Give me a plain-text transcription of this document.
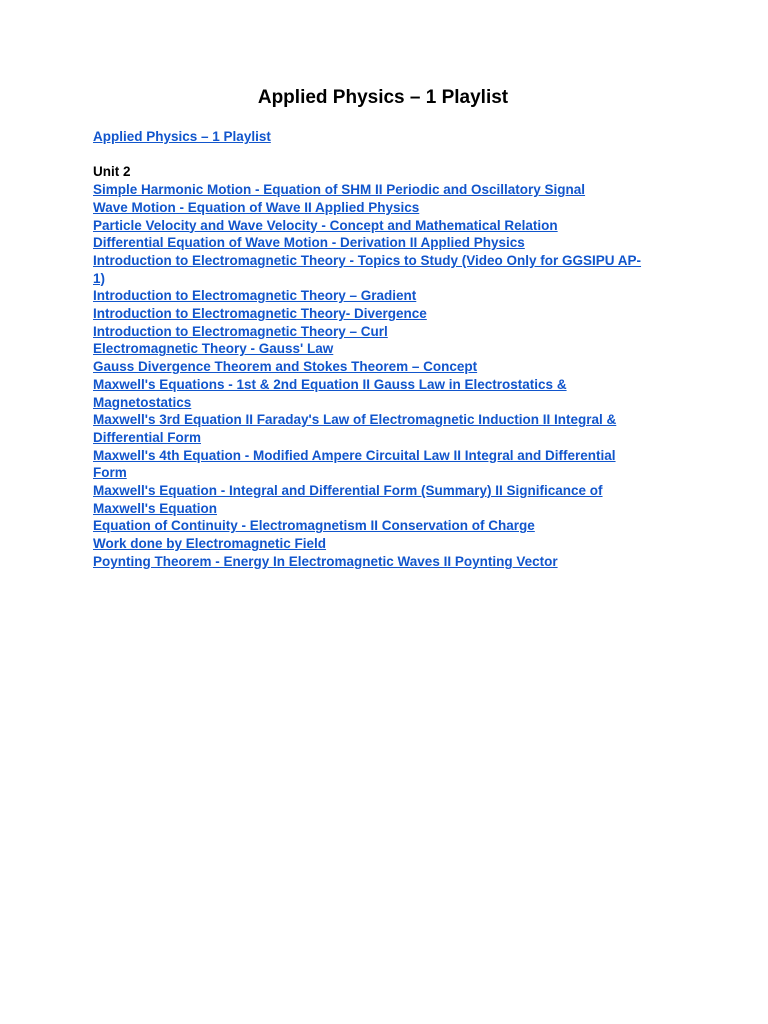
Applied Physics – 1 Playlist
Applied Physics – 1 Playlist
Unit 2
Simple Harmonic Motion - Equation of SHM II Periodic and Oscillatory Signal
Wave Motion - Equation of Wave II Applied Physics
Particle Velocity and Wave Velocity - Concept and Mathematical Relation
Differential Equation of Wave Motion - Derivation II Applied Physics
Introduction to Electromagnetic Theory - Topics to Study (Video Only for GGSIPU AP-1)
Introduction to Electromagnetic Theory – Gradient
Introduction to Electromagnetic Theory- Divergence
Introduction to Electromagnetic Theory – Curl
Electromagnetic Theory - Gauss' Law
Gauss Divergence Theorem and Stokes Theorem – Concept
Maxwell's Equations - 1st & 2nd Equation II Gauss Law in Electrostatics & Magnetostatics
Maxwell's 3rd Equation II Faraday's Law of Electromagnetic Induction II Integral & Differential Form
Maxwell's 4th Equation - Modified Ampere Circuital Law II Integral and Differential Form
Maxwell's Equation - Integral and Differential Form (Summary) II Significance of Maxwell's Equation
Equation of Continuity - Electromagnetism II Conservation of Charge
Work done by Electromagnetic Field
Poynting Theorem - Energy In Electromagnetic Waves II Poynting Vector
